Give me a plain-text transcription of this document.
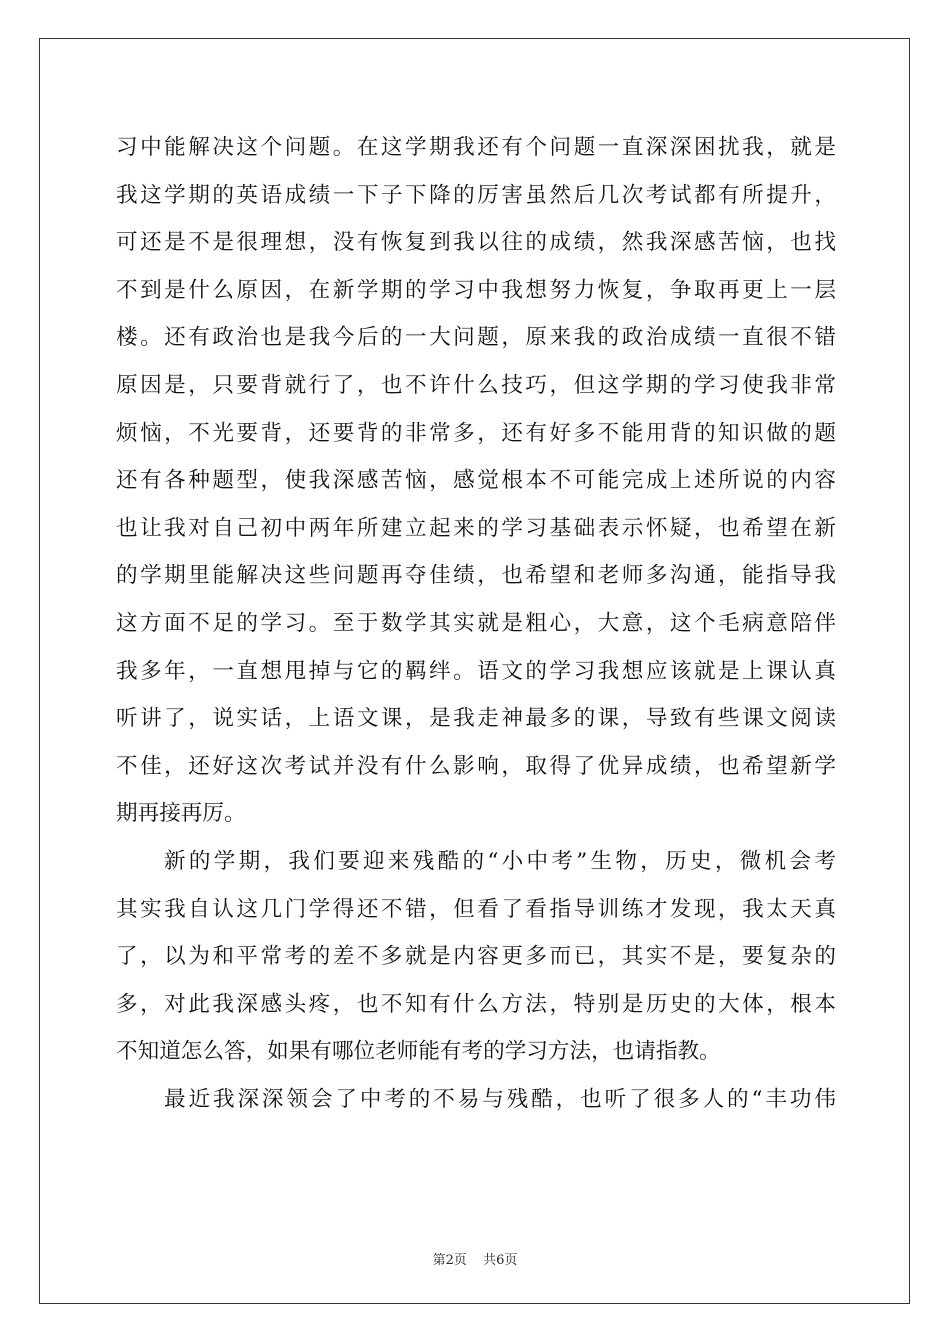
习中能解决这个问题。在这学期我还有个问题一直深深困扰我，就是
我这学期的英语成绩一下子下降的厉害虽然后几次考试都有所提升，
可还是不是很理想，没有恢复到我以往的成绩，然我深感苦恼，也找
不到是什么原因，在新学期的学习中我想努力恢复，争取再更上一层
楼。还有政治也是我今后的一大问题，原来我的政治成绩一直很不错
原因是，只要背就行了，也不许什么技巧，但这学期的学习使我非常
烦恼，不光要背，还要背的非常多，还有好多不能用背的知识做的题
还有各种题型，使我深感苦恼，感觉根本不可能完成上述所说的内容
也让我对自己初中两年所建立起来的学习基础表示怀疑，也希望在新
的学期里能解决这些问题再夺佳绩，也希望和老师多沟通，能指导我
这方面不足的学习。至于数学其实就是粗心，大意，这个毛病意陪伴
我多年，一直想甩掉与它的羁绊。语文的学习我想应该就是上课认真
听讲了，说实话，上语文课，是我走神最多的课，导致有些课文阅读
不佳，还好这次考试并没有什么影响，取得了优异成绩，也希望新学
期再接再厉。
新的学期，我们要迎来残酷的“小中考”生物，历史，微机会考
其实我自认这几门学得还不错，但看了看指导训练才发现，我太天真
了，以为和平常考的差不多就是内容更多而已，其实不是，要复杂的
多，对此我深感头疼，也不知有什么方法，特别是历史的大体，根本
不知道怎么答，如果有哪位老师能有考的学习方法，也请指教。
最近我深深领会了中考的不易与残酷，也听了很多人的“丰功伟
第2页 共6页
